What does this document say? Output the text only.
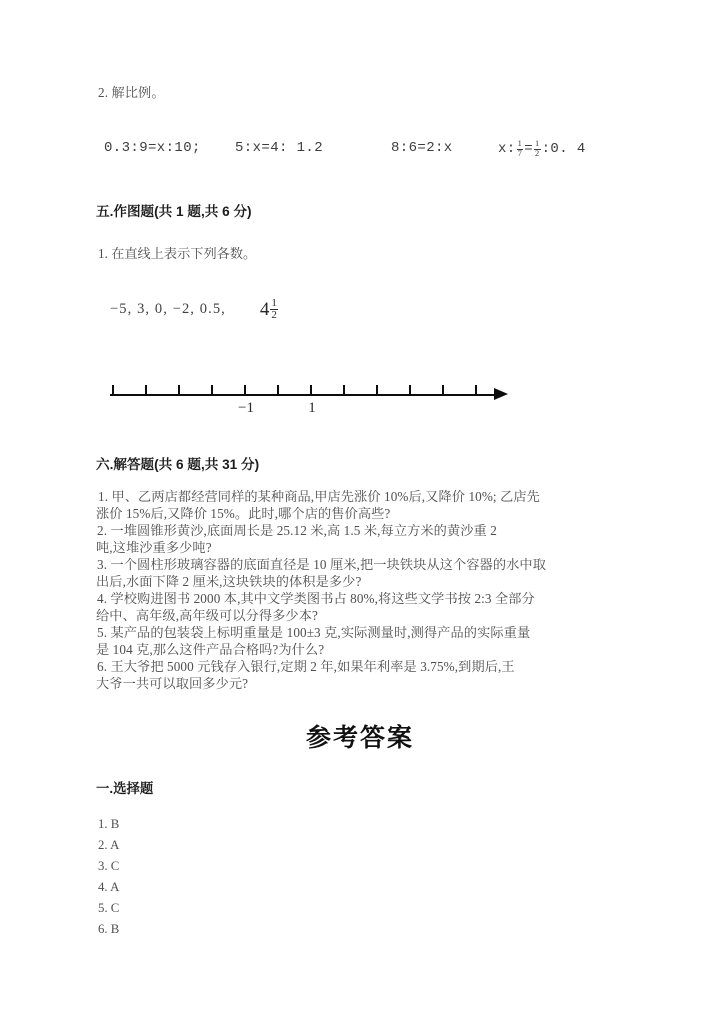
2. 解比例。
0.3:9=x:10; 5:x=4: 1.2	8:6=2:x	x: $\frac{1}{7} = \frac{1}{2}$ :0. 4
五.作图题(共 1 题,共 6 分)
1. 在直线上表示下列各数。
−5, 3, 0, −2, 0.5, $4 \frac{1}{2}$
−1	1
六.解答题(共 6 题,共 31 分)
1. 甲、乙两店都经营同样的某种商品,甲店先涨价 10%后,又降价 10%; 乙店先
涨价 15%后,又降价 15%。此时,哪个店的售价高些?
2. 一堆圆锥形黄沙,底面周长是 25.12 米,高 1.5 米,每立方米的黄沙重 2
吨,这堆沙重多少吨?
3. 一个圆柱形玻璃容器的底面直径是 10 厘米,把一块铁块从这个容器的水中取
出后,水面下降 2 厘米,这块铁块的体积是多少?
4. 学校购进图书 2000 本,其中文学类图书占 80%,将这些文学书按 2:3 全部分
给中、高年级,高年级可以分得多少本?
5. 某产品的包装袋上标明重量是 100±3 克,实际测量时,测得产品的实际重量
是 104 克,那么这件产品合格吗?为什么?
6. 王大爷把 5000 元钱存入银行,定期 2 年,如果年利率是 3.75%,到期后,王
大爷一共可以取回多少元?
参考答案
一.选择题
1. B
2. A
3. C
4. A
5. C
6. B
